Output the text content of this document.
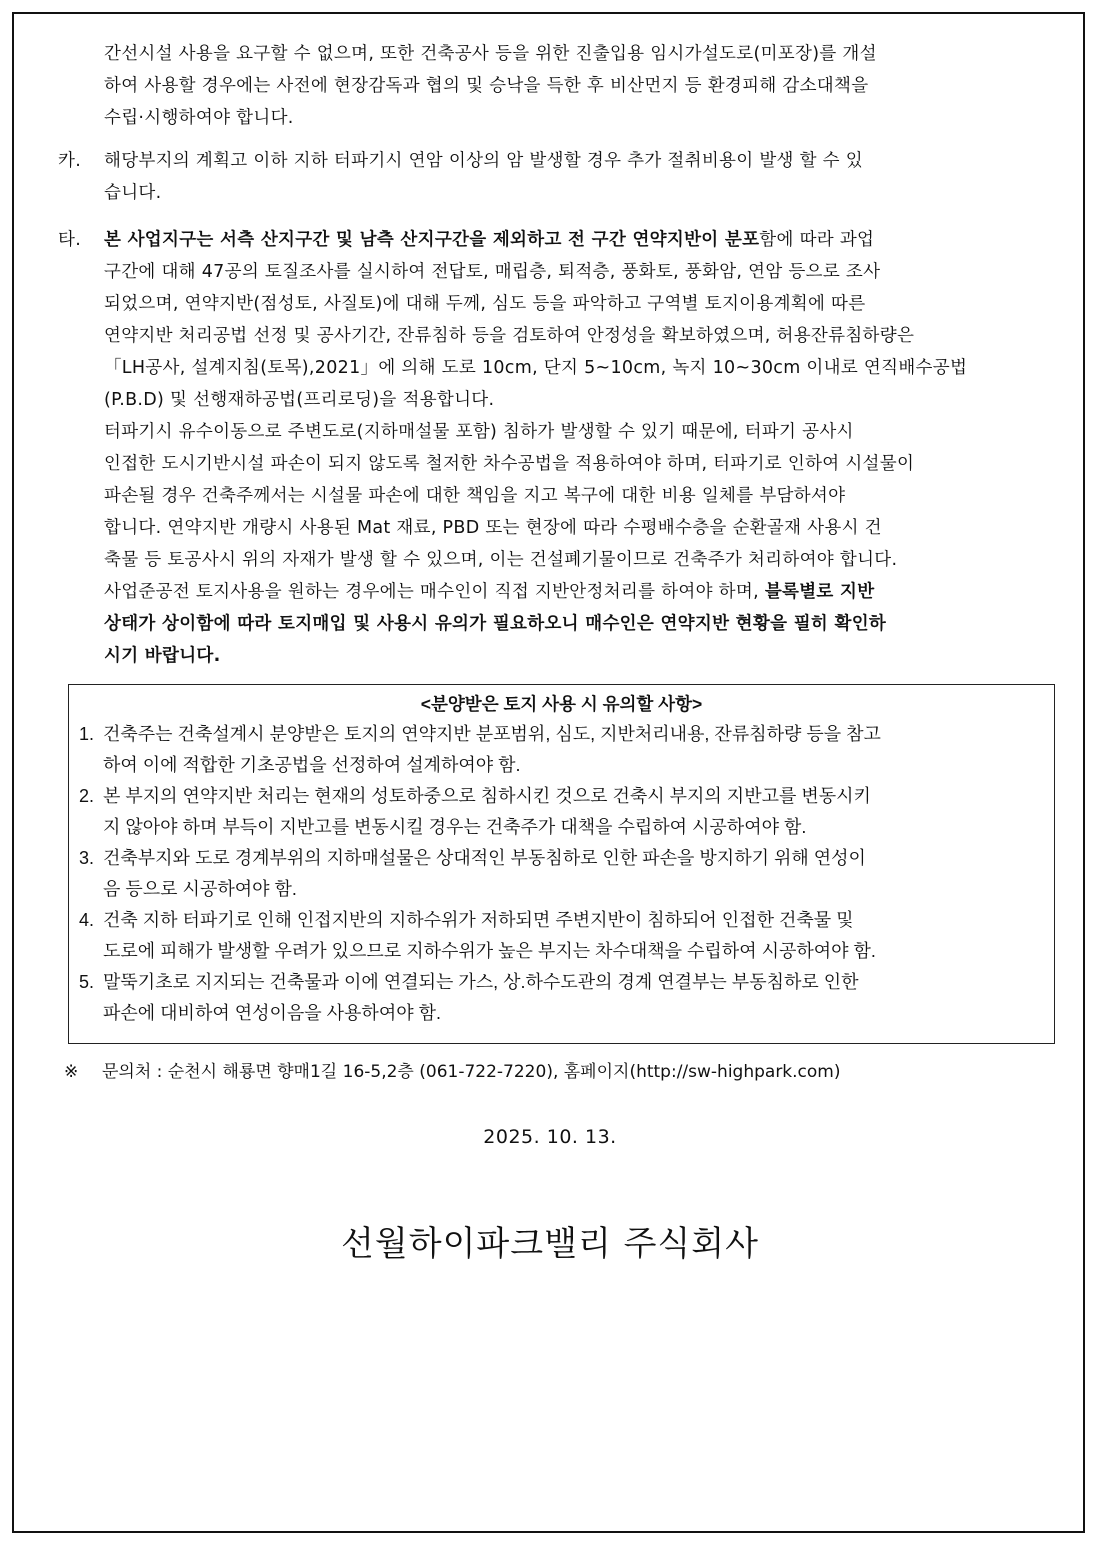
간선시설 사용을 요구할 수 없으며, 또한 건축공사 등을 위한 진출입용 임시가설도로(미포장)를 개설
하여 사용할 경우에는 사전에 현장감독과 협의 및 승낙을 득한 후 비산먼지 등 환경피해 감소대책을
수립·시행하여야 합니다.
카. 해당부지의 계획고 이하 지하 터파기시 연암 이상의 암 발생할 경우 추가 절취비용이 발생 할 수 있
습니다.
타. 본 사업지구는 서측 산지구간 및 남측 산지구간을 제외하고 전 구간 연약지반이 분포함에 따라 과업
구간에 대해 47공의 토질조사를 실시하여 전답토, 매립층, 퇴적층, 풍화토, 풍화암, 연암 등으로 조사
되었으며, 연약지반(점성토, 사질토)에 대해 두께, 심도 등을 파악하고 구역별 토지이용계획에 따른
연약지반 처리공법 선정 및 공사기간, 잔류침하 등을 검토하여 안정성을 확보하였으며, 허용잔류침하량은
「LH공사, 설계지침(토목),2021」에 의해 도로 10cm, 단지 5~10cm, 녹지 10~30cm 이내로 연직배수공법
(P.B.D) 및 선행재하공법(프리로딩)을 적용합니다.
터파기시 유수이동으로 주변도로(지하매설물 포함) 침하가 발생할 수 있기 때문에, 터파기 공사시
인접한 도시기반시설 파손이 되지 않도록 철저한 차수공법을 적용하여야 하며, 터파기로 인하여 시설물이
파손될 경우 건축주께서는 시설물 파손에 대한 책임을 지고 복구에 대한 비용 일체를 부담하셔야
합니다. 연약지반 개량시 사용된 Mat 재료, PBD 또는 현장에 따라 수평배수층을 순환골재 사용시 건
축물 등 토공사시 위의 자재가 발생 할 수 있으며, 이는 건설폐기물이므로 건축주가 처리하여야 합니다.
사업준공전 토지사용을 원하는 경우에는 매수인이 직접 지반안정처리를 하여야 하며, 블록별로 지반
상태가 상이함에 따라 토지매입 및 사용시 유의가 필요하오니 매수인은 연약지반 현황을 필히 확인하
시기 바랍니다.
<분양받은 토지 사용 시 유의할 사항>
1. 건축주는 건축설계시 분양받은 토지의 연약지반 분포범위, 심도, 지반처리내용, 잔류침하량 등을 참고
하여 이에 적합한 기초공법을 선정하여 설계하여야 함.
2. 본 부지의 연약지반 처리는 현재의 성토하중으로 침하시킨 것으로 건축시 부지의 지반고를 변동시키
지 않아야 하며 부득이 지반고를 변동시킬 경우는 건축주가 대책을 수립하여 시공하여야 함.
3. 건축부지와 도로 경계부위의 지하매설물은 상대적인 부동침하로 인한 파손을 방지하기 위해 연성이
음 등으로 시공하여야 함.
4. 건축 지하 터파기로 인해 인접지반의 지하수위가 저하되면 주변지반이 침하되어 인접한 건축물 및
도로에 피해가 발생할 우려가 있으므로 지하수위가 높은 부지는 차수대책을 수립하여 시공하여야 함.
5. 말뚝기초로 지지되는 건축물과 이에 연결되는 가스, 상.하수도관의 경계 연결부는 부동침하로 인한
파손에 대비하여 연성이음을 사용하여야 함.
※ 문의처 : 순천시 해룡면 향매1길 16-5,2층 (061-722-7220), 홈페이지(http://sw-highpark.com)
2025. 10. 13.
선월하이파크밸리 주식회사
